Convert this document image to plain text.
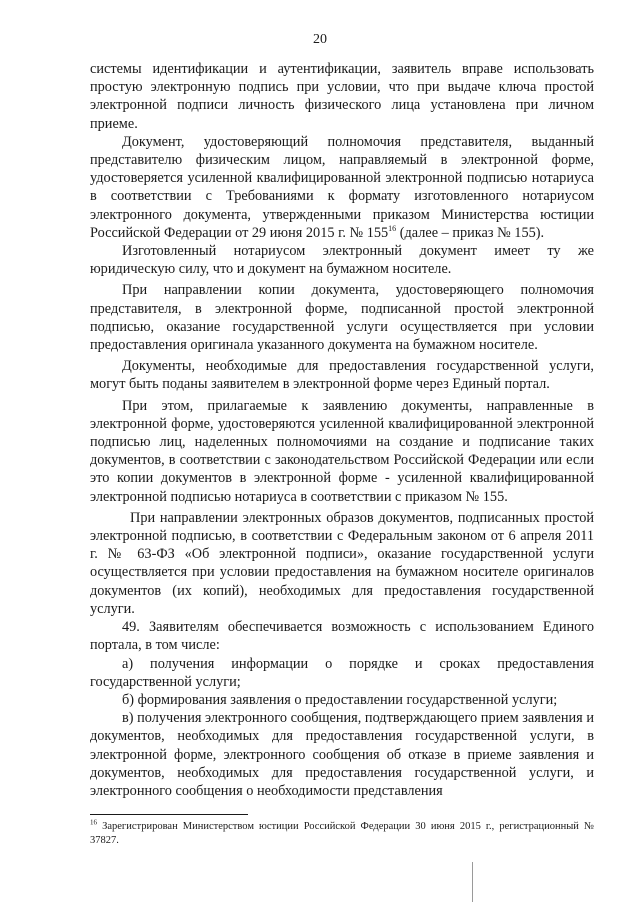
20

системы идентификации и аутентификации, заявитель вправе использовать простую электронную подпись при условии, что при выдаче ключа простой электронной подписи личность физического лица установлена при личном приеме.

Документ, удостоверяющий полномочия представителя, выданный представителю физическим лицом, направляемый в электронной форме, удостоверяется усиленной квалифицированной электронной подписью нотариуса в соответствии с Требованиями к формату изготовленного нотариусом электронного документа, утвержденными приказом Министерства юстиции Российской Федерации от 29 июня 2015 г. № $155^{16}$ (далее – приказ № 155).

Изготовленный нотариусом электронный документ имеет ту же юридическую силу, что и документ на бумажном носителе.

При направлении копии документа, удостоверяющего полномочия представителя, в электронной форме, подписанной простой электронной подписью, оказание государственной услуги осуществляется при условии предоставления оригинала указанного документа на бумажном носителе.

Документы, необходимые для предоставления государственной услуги, могут быть поданы заявителем в электронной форме через Единый портал.

При этом, прилагаемые к заявлению документы, направленные в электронной форме, удостоверяются усиленной квалифицированной электронной подписью лиц, наделенных полномочиями на создание и подписание таких документов, в соответствии с законодательством Российской Федерации или если это копии документов в электронной форме - усиленной квалифицированной электронной подписью нотариуса в соответствии с приказом № 155.

При направлении электронных образов документов, подписанных простой электронной подписью, в соответствии с Федеральным законом от 6 апреля 2011 г. № 63-ФЗ «Об электронной подписи», оказание государственной услуги осуществляется при условии предоставления на бумажном носителе оригиналов документов (их копий), необходимых для предоставления государственной услуги.

49. Заявителям обеспечивается возможность с использованием Единого портала, в том числе:

а) получения информации о порядке и сроках предоставления государственной услуги;

б) формирования заявления о предоставлении государственной услуги;

в) получения электронного сообщения, подтверждающего прием заявления и документов, необходимых для предоставления государственной услуги, в электронной форме, электронного сообщения об отказе в приеме заявления и документов, необходимых для предоставления государственной услуги, и электронного сообщения о необходимости представления

$^{16}$ Зарегистрирован Министерством юстиции Российской Федерации 30 июня 2015 г., регистрационный № 37827.
